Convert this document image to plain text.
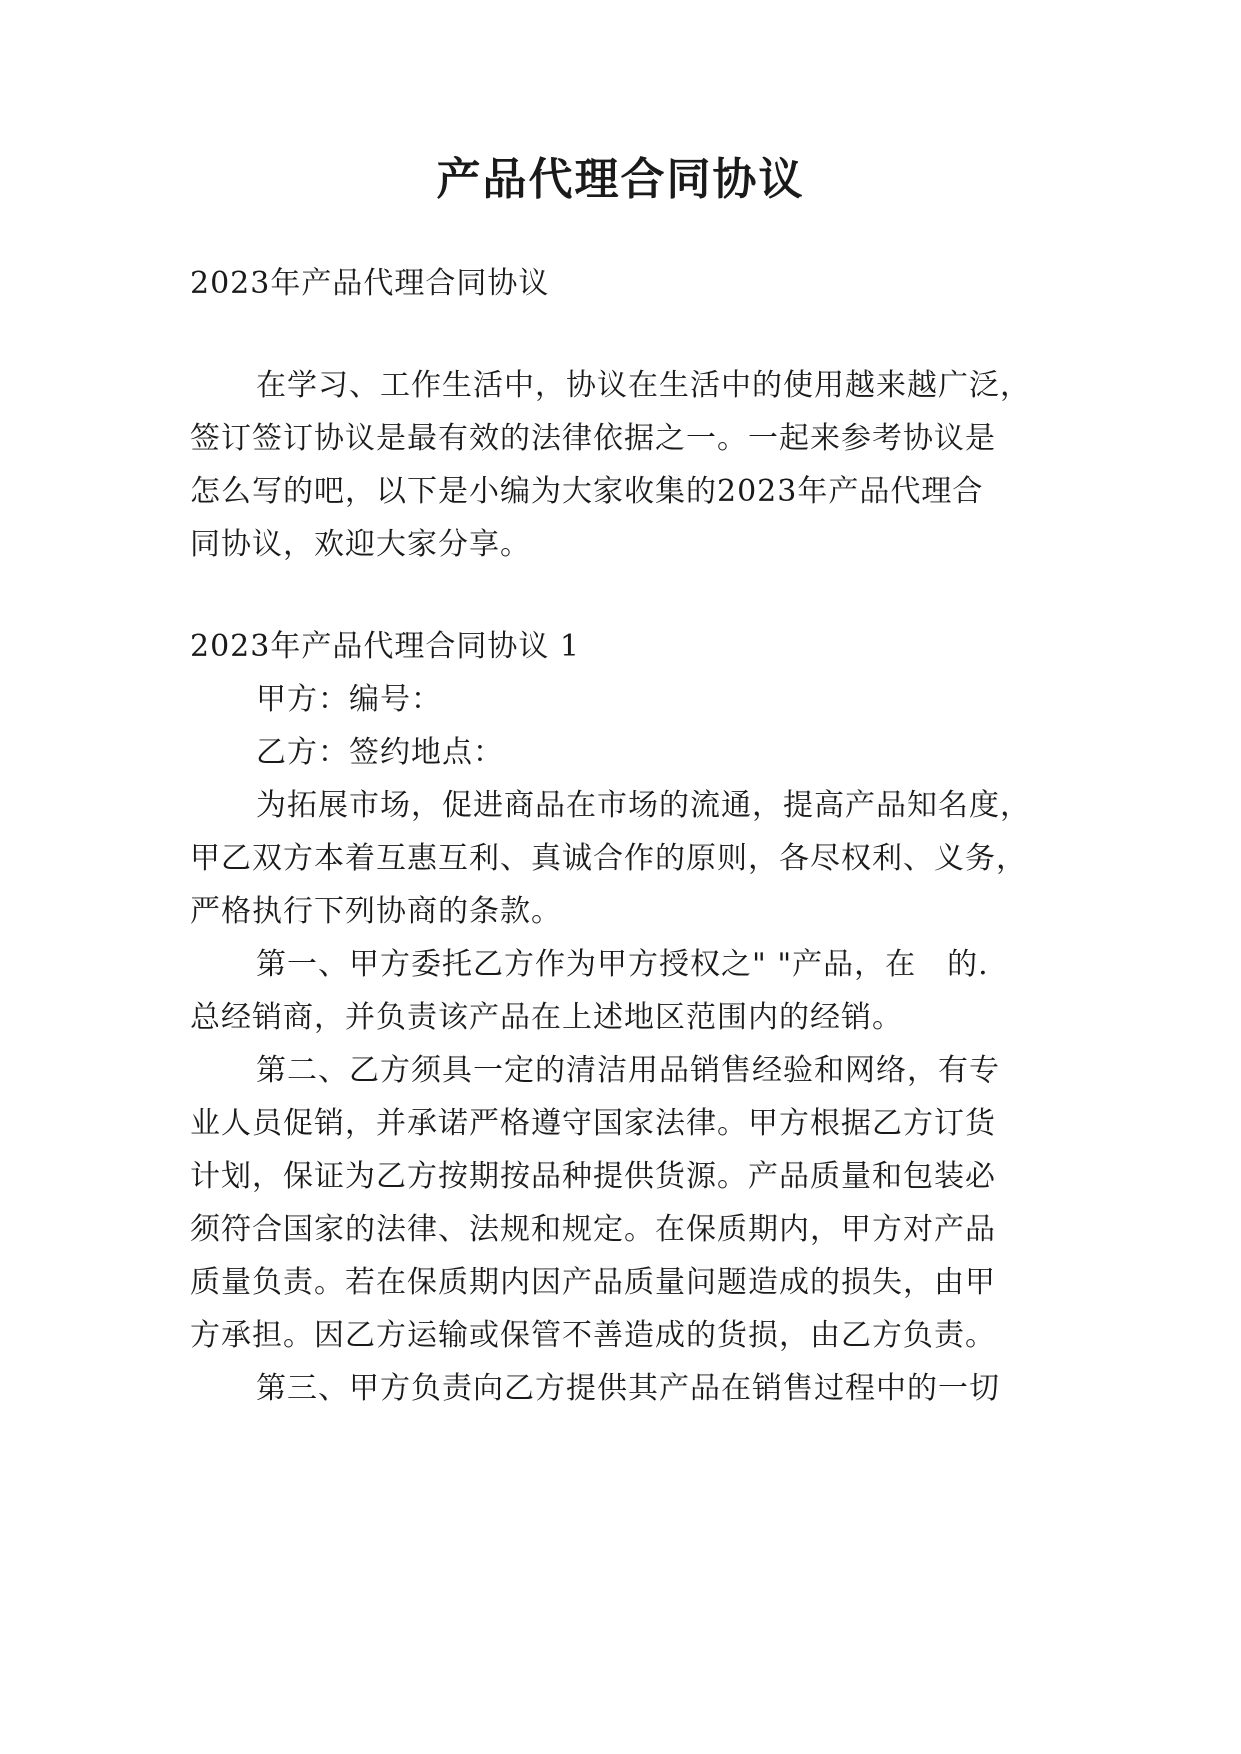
产品代理合同协议

2023年产品代理合同协议

在学习、工作生活中，协议在生活中的使用越来越广泛，

签订签订协议是最有效的法律依据之一。一起来参考协议是

怎么写的吧，以下是小编为大家收集的2023年产品代理合

同协议，欢迎大家分享。

2023年产品代理合同协议 1

甲方：编号：

乙方：签约地点：

为拓展市场，促进商品在市场的流通，提高产品知名度，

甲乙双方本着互惠互利、真诚合作的原则，各尽权利、义务，

严格执行下列协商的条款。

第一、甲方委托乙方作为甲方授权之" "产品，在　的.

总经销商，并负责该产品在上述地区范围内的经销。

第二、乙方须具一定的清洁用品销售经验和网络，有专

业人员促销，并承诺严格遵守国家法律。甲方根据乙方订货

计划，保证为乙方按期按品种提供货源。产品质量和包装必

须符合国家的法律、法规和规定。在保质期内，甲方对产品

质量负责。若在保质期内因产品质量问题造成的损失，由甲

方承担。因乙方运输或保管不善造成的货损，由乙方负责。

第三、甲方负责向乙方提供其产品在销售过程中的一切
